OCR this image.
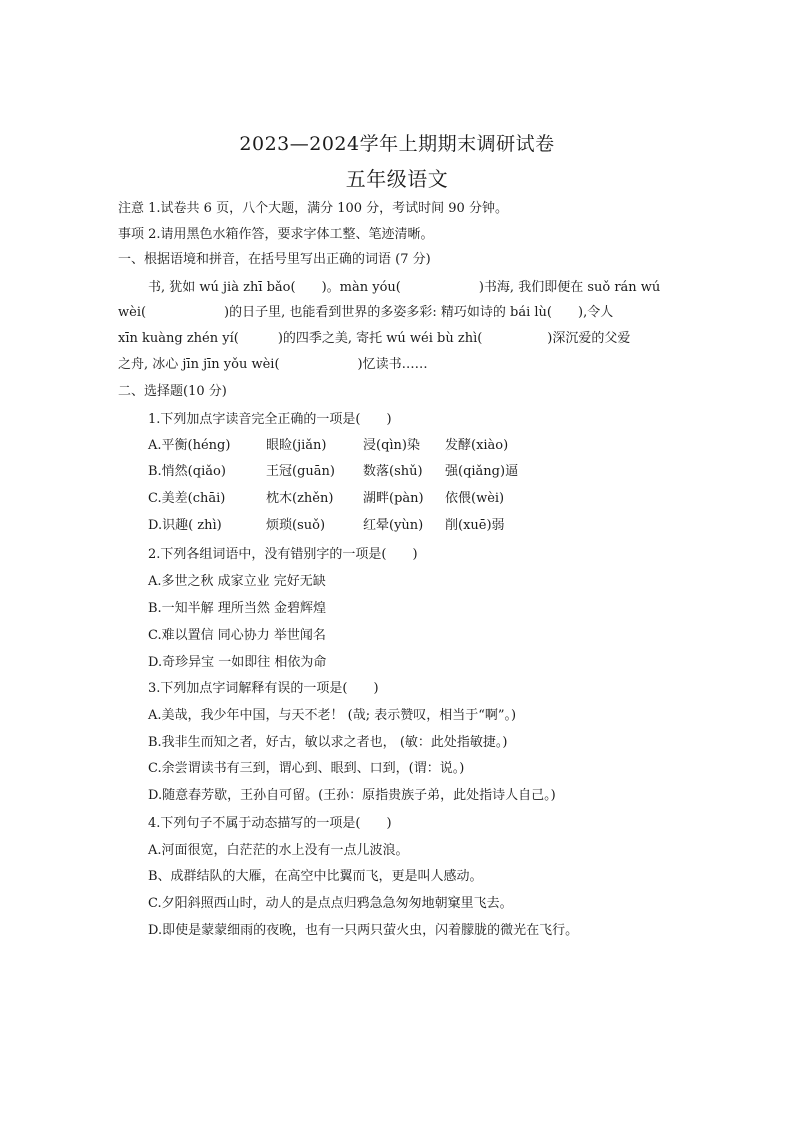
2023—2024学年上期期末调研试卷
五年级语文
注意 1.试卷共 6 页，八个大题，满分 100 分，考试时间 90 分钟。
事项 2.请用黑色水箱作答，要求字体工整、笔迹清晰。
一、根据语境和拼音，在括号里写出正确的词语 (7 分)
书, 犹如 wú jià zhī bǎo(　　)。màn yóu(　　　　　　)书海, 我们即便在 suǒ rán wú
wèi(　　　　　　)的日子里, 也能看到世界的多姿多彩: 精巧如诗的 bái lù(　　),令人
xīn kuàng zhén yí(　　　)的四季之美, 寄托 wú wéi bù zhì(　　　　　)深沉爱的父爱
之舟, 冰心 jīn jīn yǒu wèi(　　　　　　)忆读书……
二、选择题(10 分)
1.下列加点字读音完全正确的一项是(　　)
A.平衡(héng)	眼睑(jiǎn)	浸(qìn)染 发酵(xiào)
B.悄然(qiǎo)	王冠(guān) 数落(shǔ) 强(qiǎng)逼
C.美差(chāi)	枕木(zhěn) 湖畔(pàn) 依偎(wèi)
D.识趣( zhì)	烦琐(suǒ)	红晕(yùn) 削(xuē)弱
2.下列各组词语中，没有错别字的一项是(　　)
A.多世之秋 成家立业 完好无缺
B.一知半解 理所当然 金碧辉煌
C.难以置信 同心协力 举世闻名
D.奇珍异宝 一如即往 相依为命
3.下列加点字词解释有误的一项是(　　)
A.美哉，我少年中国，与天不老！ (哉; 表示赞叹，相当于“啊”。)
B.我非生而知之者，好古，敏以求之者也， (敏：此处指敏捷。)
C.余尝谓读书有三到，谓心到、眼到、口到，(谓：说。)
D.随意春芳歇，王孙自可留。(王孙：原指贵族子弟，此处指诗人自己。)
4.下列句子不属于动态描写的一项是(　　)
A.河面很宽，白茫茫的水上没有一点儿波浪。
B、成群结队的大雁，在高空中比翼而飞，更是叫人感动。
C.夕阳斜照西山时，动人的是点点归鸦急急匆匆地朝窠里飞去。
D.即使是蒙蒙细雨的夜晚，也有一只两只萤火虫，闪着朦胧的微光在飞行。
